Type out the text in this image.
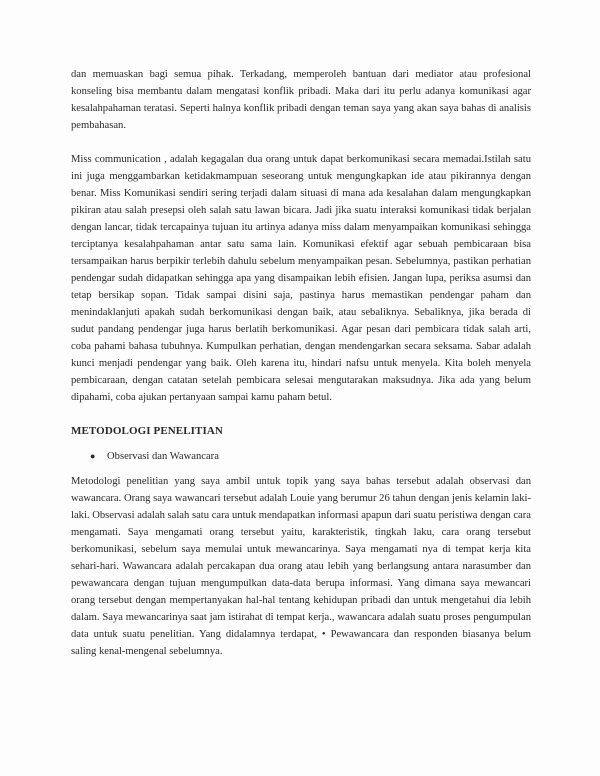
dan memuaskan bagi semua pihak. Terkadang, memperoleh bantuan dari mediator atau profesional konseling bisa membantu dalam mengatasi konflik pribadi. Maka dari itu perlu adanya komunikasi agar kesalahpahaman teratasi. Seperti halnya konflik pribadi dengan teman saya yang akan saya bahas di analisis pembahasan.

Miss communication , adalah kegagalan dua orang untuk dapat berkomunikasi secara memadai.Istilah satu ini juga menggambarkan ketidakmampuan seseorang untuk mengungkapkan ide atau pikirannya dengan benar. Miss Komunikasi sendiri sering terjadi dalam situasi di mana ada kesalahan dalam mengungkapkan pikiran atau salah presepsi oleh salah satu lawan bicara. Jadi jika suatu interaksi komunikasi tidak berjalan dengan lancar, tidak tercapainya tujuan itu artinya adanya miss dalam menyampaikan komunikasi sehingga terciptanya kesalahpahaman antar satu sama lain. Komunikasi efektif agar sebuah pembicaraan bisa tersampaikan harus berpikir terlebih dahulu sebelum menyampaikan pesan. Sebelumnya, pastikan perhatian pendengar sudah didapatkan sehingga apa yang disampaikan lebih efisien. Jangan lupa, periksa asumsi dan tetap bersikap sopan. Tidak sampai disini saja, pastinya harus memastikan pendengar paham dan menindaklanjuti apakah sudah berkomunikasi dengan baik, atau sebaliknya. Sebaliknya, jika berada di sudut pandang pendengar juga harus berlatih berkomunikasi. Agar pesan dari pembicara tidak salah arti, coba pahami bahasa tubuhnya. Kumpulkan perhatian, dengan mendengarkan secara seksama. Sabar adalah kunci menjadi pendengar yang baik. Oleh karena itu, hindari nafsu untuk menyela. Kita boleh menyela pembicaraan, dengan catatan setelah pembicara selesai mengutarakan maksudnya. Jika ada yang belum dipahami, coba ajukan pertanyaan sampai kamu paham betul.

METODOLOGI PENELITIAN
● Observasi dan Wawancara

Metodologi penelitian yang saya ambil untuk topik yang saya bahas tersebut adalah observasi dan wawancara. Orang saya wawancari tersebut adalah Louie yang berumur 26 tahun dengan jenis kelamin laki-laki. Observasi adalah salah satu cara untuk mendapatkan informasi apapun dari suatu peristiwa dengan cara mengamati. Saya mengamati orang tersebut yaitu, karakteristik, tingkah laku, cara orang tersebut berkomunikasi, sebelum saya memulai untuk mewancarinya. Saya mengamati nya di tempat kerja kita sehari-hari. Wawancara adalah percakapan dua orang atau lebih yang berlangsung antara narasumber dan pewawancara dengan tujuan mengumpulkan data-data berupa informasi. Yang dimana saya mewancari orang tersebut dengan mempertanyakan hal-hal tentang kehidupan pribadi dan untuk mengetahui dia lebih dalam. Saya mewancarinya saat jam istirahat di tempat kerja., wawancara adalah suatu proses pengumpulan data untuk suatu penelitian. Yang didalamnya terdapat, • Pewawancara dan responden biasanya belum saling kenal-mengenal sebelumnya.
